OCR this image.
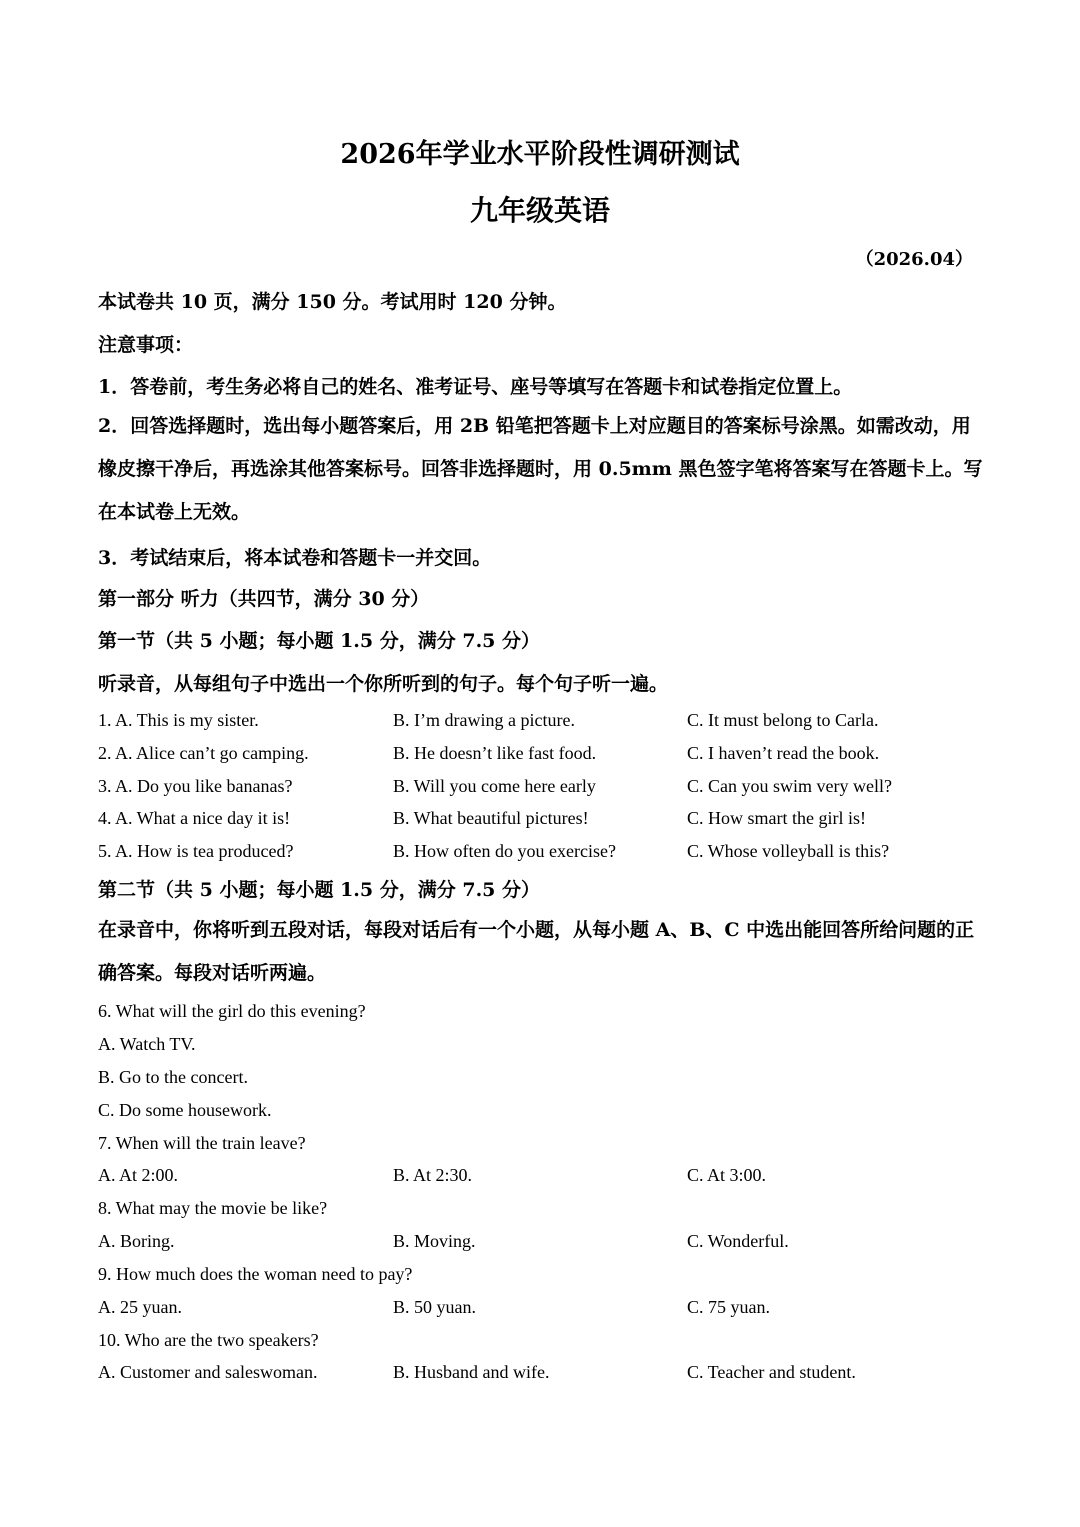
2026年学业水平阶段性调研测试
九年级英语
（2026.04）
本试卷共 10 页，满分 150 分。考试用时 120 分钟。
注意事项：
1．答卷前，考生务必将自己的姓名、准考证号、座号等填写在答题卡和试卷指定位置上。
2．回答选择题时，选出每小题答案后，用 2B 铅笔把答题卡上对应题目的答案标号涂黑。如需改动，用橡皮擦干净后，再选涂其他答案标号。回答非选择题时，用 0.5mm 黑色签字笔将答案写在答题卡上。写在本试卷上无效。
3．考试结束后，将本试卷和答题卡一并交回。
第一部分 听力（共四节，满分 30 分）
第一节（共 5 小题；每小题 1.5 分，满分 7.5 分）
听录音，从每组句子中选出一个你所听到的句子。每个句子听一遍。
1. A. This is my sister.	B. I’m drawing a picture.	C. It must belong to Carla.
2. A. Alice can’t go camping.	B. He doesn’t like fast food.	C. I haven’t read the book.
3. A. Do you like bananas?	B. Will you come here early	C. Can you swim very well?
4. A. What a nice day it is!	B. What beautiful pictures!	C. How smart the girl is!
5. A. How is tea produced?	B. How often do you exercise?	C. Whose volleyball is this?
第二节（共 5 小题；每小题 1.5 分，满分 7.5 分）
在录音中，你将听到五段对话，每段对话后有一个小题，从每小题 A、B、C 中选出能回答所给问题的正确答案。每段对话听两遍。
6. What will the girl do this evening?
A. Watch TV.
B. Go to the concert.
C. Do some housework.
7. When will the train leave?
A. At 2:00.	B. At 2:30.	C. At 3:00.
8. What may the movie be like?
A. Boring.	B. Moving.	C. Wonderful.
9. How much does the woman need to pay?
A. 25 yuan.	B. 50 yuan.	C. 75 yuan.
10. Who are the two speakers?
A. Customer and saleswoman.	B. Husband and wife.	C. Teacher and student.
